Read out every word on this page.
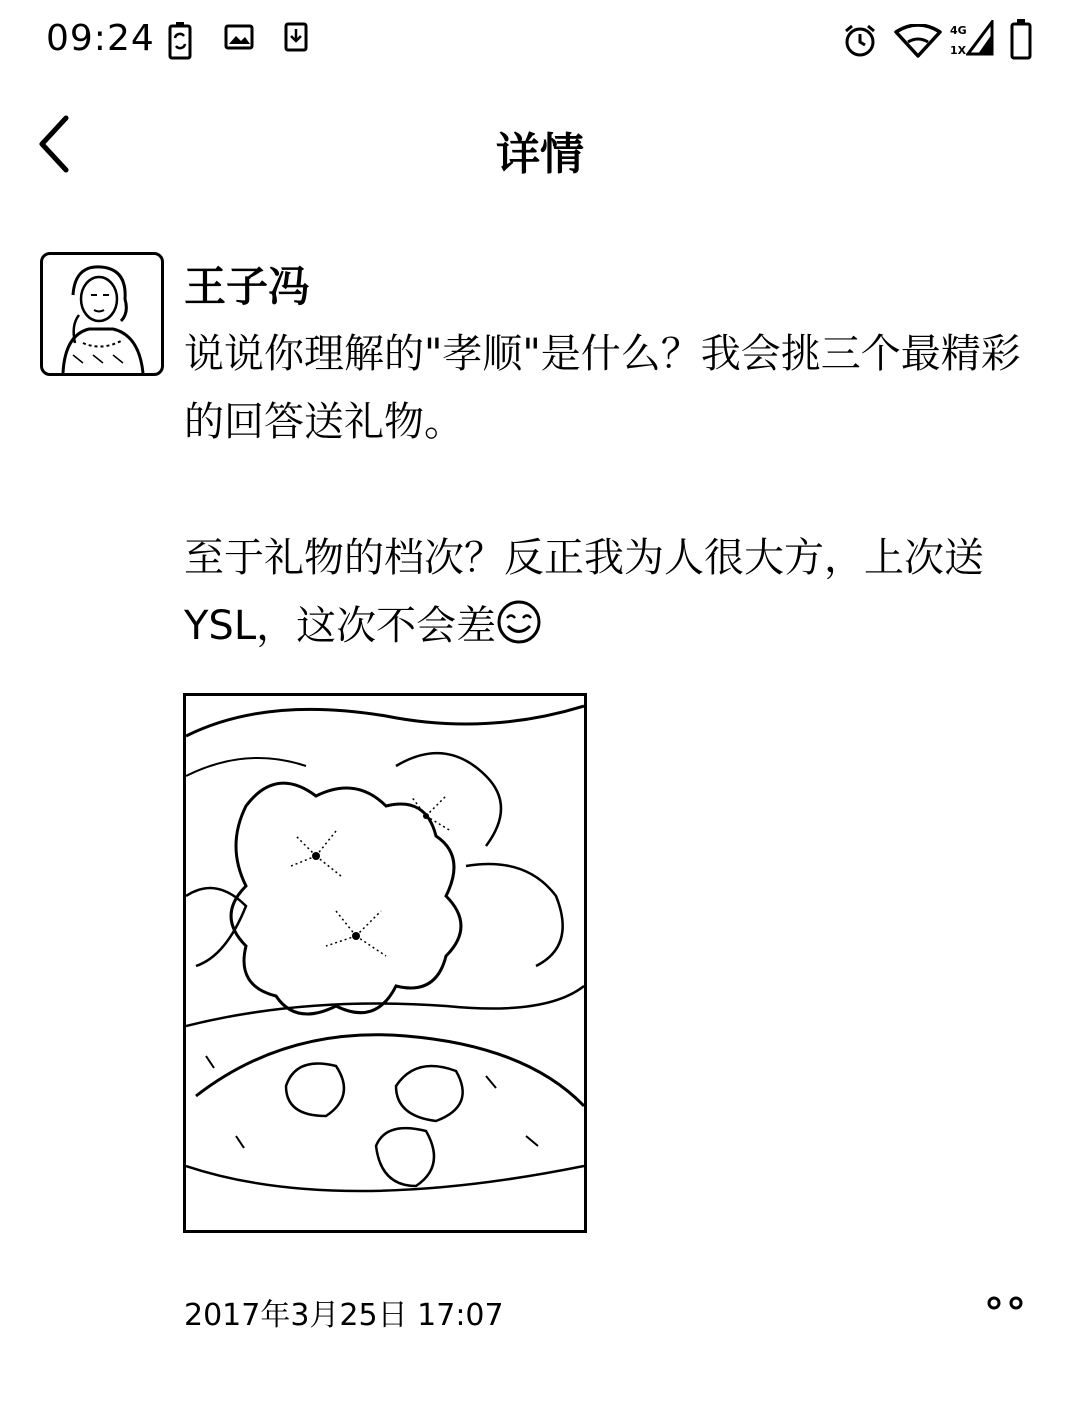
09:24	4G
1X
详情
王子冯

说说你理解的"孝顺"是什么？我会挑三个最精彩的回答送礼物。

至于礼物的档次？反正我为人很大方，上次送YSL，这次不会差

2017年3月25日 17:07
